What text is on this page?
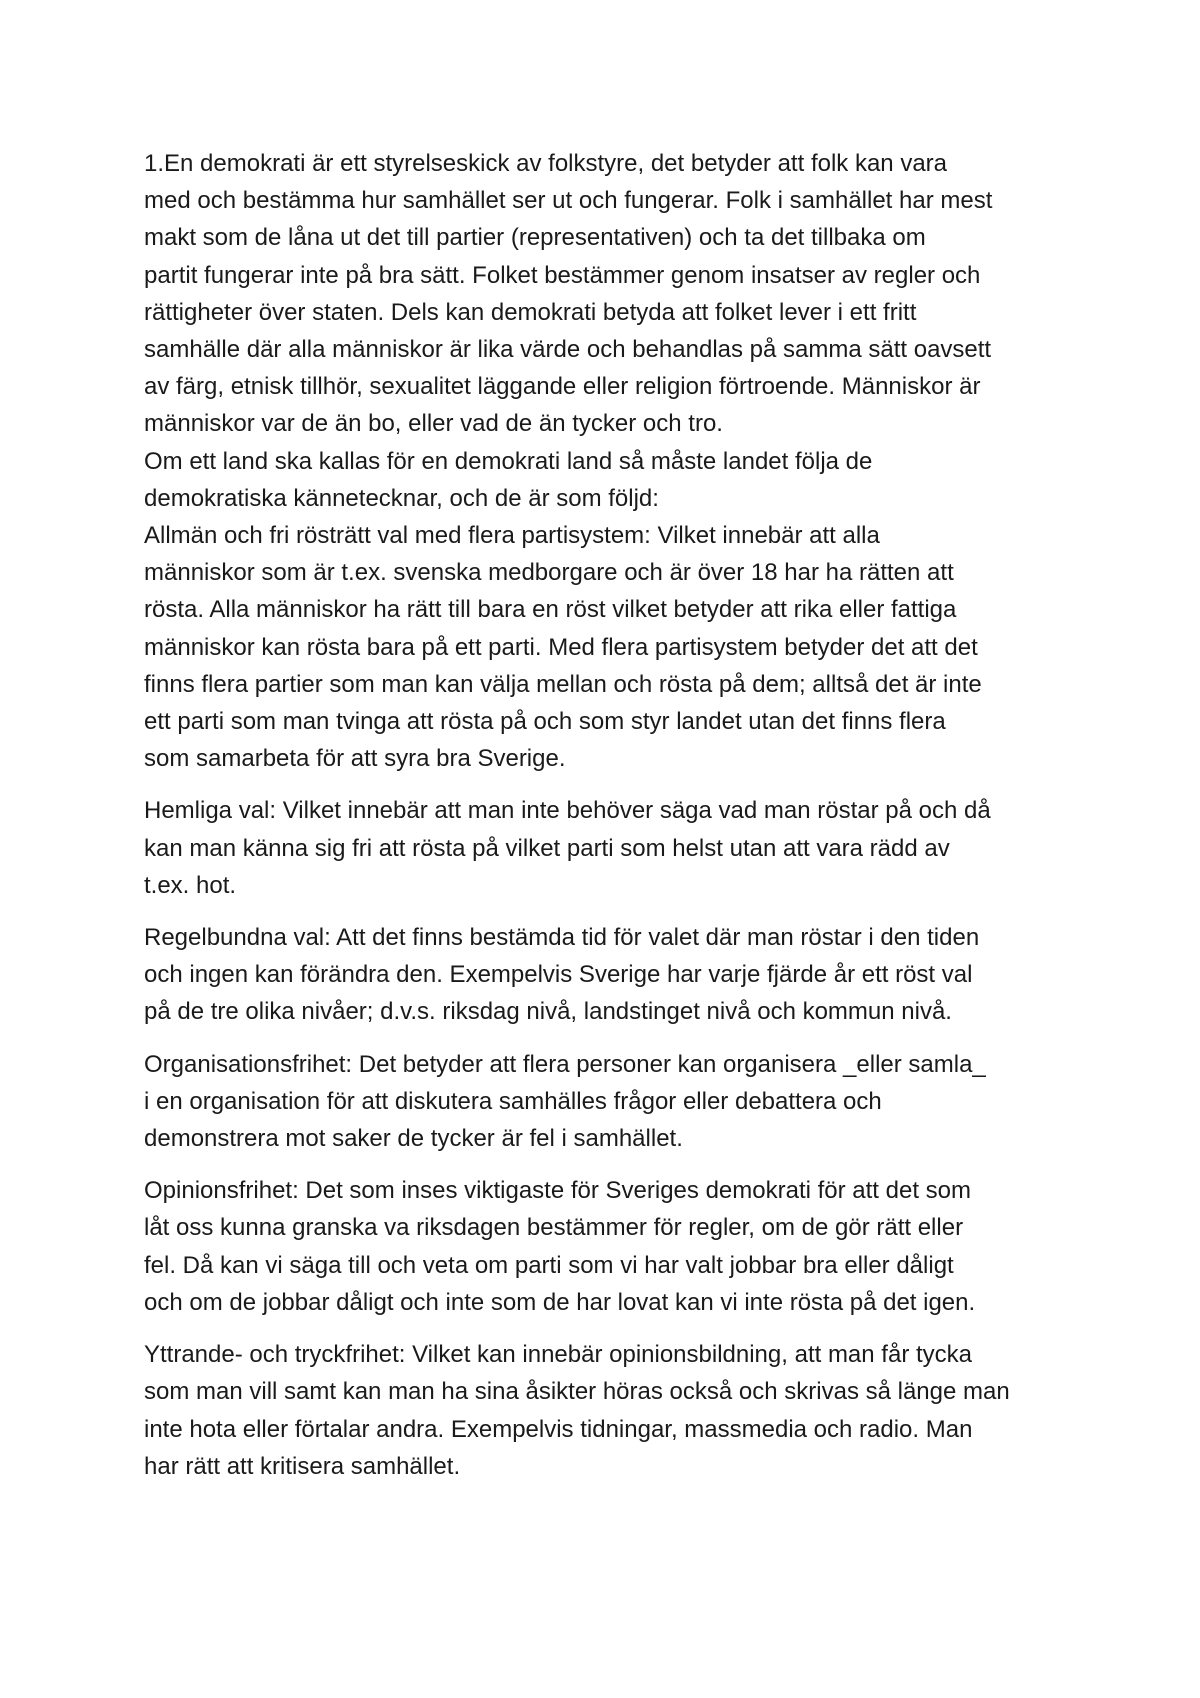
1.En demokrati är ett styrelseskick av folkstyre, det betyder att folk kan vara
med och bestämma hur samhället ser ut och fungerar. Folk i samhället har mest
makt som de låna ut det till partier (representativen) och ta det tillbaka om
partit fungerar inte på bra sätt. Folket bestämmer genom insatser av regler och
rättigheter över staten. Dels kan demokrati betyda att folket lever i ett fritt
samhälle där alla människor är lika värde och behandlas på samma sätt oavsett
av färg, etnisk tillhör, sexualitet läggande eller religion förtroende. Människor är
människor var de än bo, eller vad de än tycker och tro.
Om ett land ska kallas för en demokrati land så måste landet följa de
demokratiska kännetecknar, och de är som följd:
Allmän och fri rösträtt val med flera partisystem: Vilket innebär att alla
människor som är t.ex. svenska medborgare och är över 18 har ha rätten att
rösta. Alla människor ha rätt till bara en röst vilket betyder att rika eller fattiga
människor kan rösta bara på ett parti. Med flera partisystem betyder det att det
finns flera partier som man kan välja mellan och rösta på dem; alltså det är inte
ett parti som man tvinga att rösta på och som styr landet utan det finns flera
som samarbeta för att syra bra Sverige.
Hemliga val: Vilket innebär att man inte behöver säga vad man röstar på och då
kan man känna sig fri att rösta på vilket parti som helst utan att vara rädd av
t.ex. hot.
Regelbundna val: Att det finns bestämda tid för valet där man röstar i den tiden
och ingen kan förändra den. Exempelvis Sverige har varje fjärde år ett röst val
på de tre olika nivåer; d.v.s. riksdag nivå, landstinget nivå och kommun nivå.
Organisationsfrihet: Det betyder att flera personer kan organisera _eller samla_
i en organisation för att diskutera samhälles frågor eller debattera och
demonstrera mot saker de tycker är fel i samhället.
Opinionsfrihet: Det som inses viktigaste för Sveriges demokrati för att det som
låt oss kunna granska va riksdagen bestämmer för regler, om de gör rätt eller
fel. Då kan vi säga till och veta om parti som vi har valt jobbar bra eller dåligt
och om de jobbar dåligt och inte som de har lovat kan vi inte rösta på det igen.
Yttrande- och tryckfrihet: Vilket kan innebär opinionsbildning, att man får tycka
som man vill samt kan man ha sina åsikter höras också och skrivas så länge man
inte hota eller förtalar andra. Exempelvis tidningar, massmedia och radio. Man
har rätt att kritisera samhället.
